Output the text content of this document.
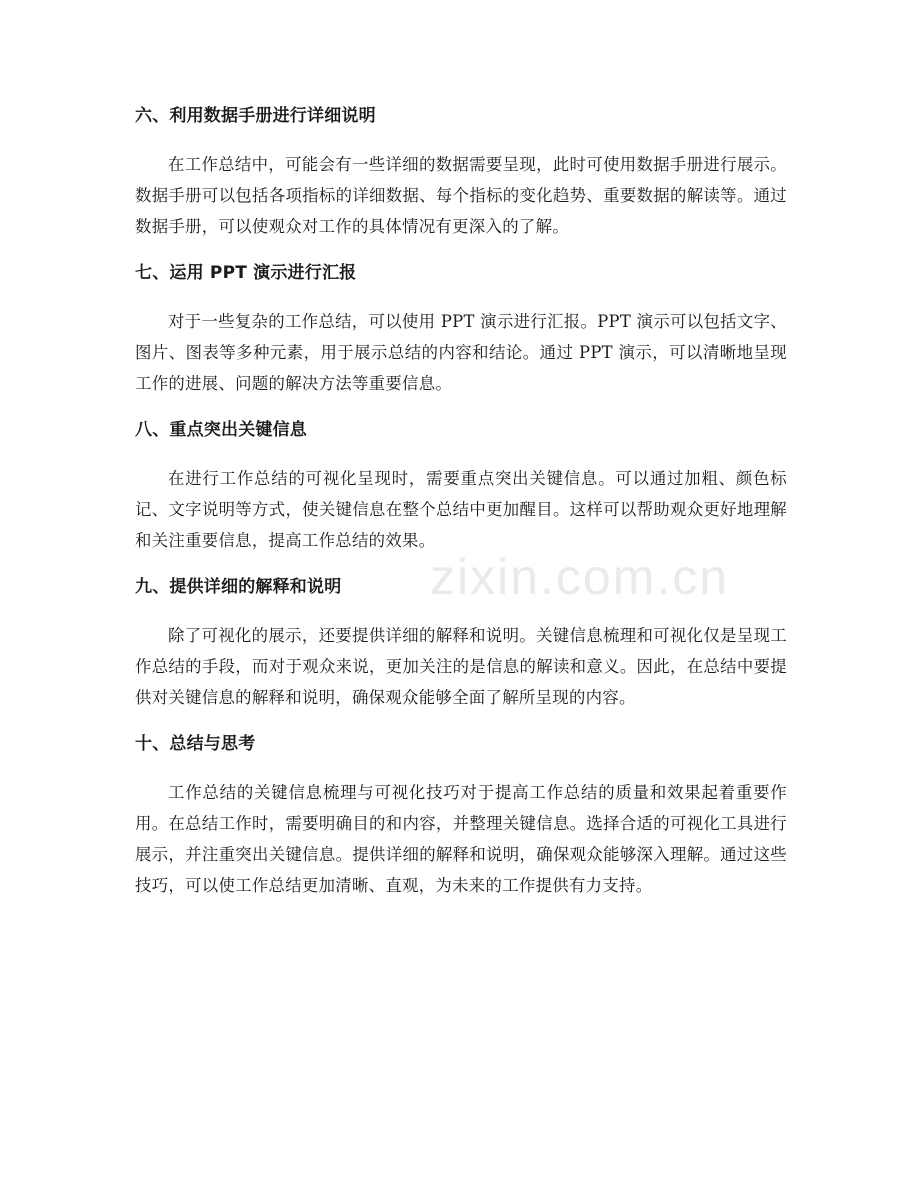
六、利用数据手册进行详细说明

在工作总结中，可能会有一些详细的数据需要呈现，此时可使用数据手册进行展示。数据手册可以包括各项指标的详细数据、每个指标的变化趋势、重要数据的解读等。通过数据手册，可以使观众对工作的具体情况有更深入的了解。

七、运用 PPT 演示进行汇报

对于一些复杂的工作总结，可以使用 PPT 演示进行汇报。PPT 演示可以包括文字、图片、图表等多种元素，用于展示总结的内容和结论。通过 PPT 演示，可以清晰地呈现工作的进展、问题的解决方法等重要信息。

八、重点突出关键信息

在进行工作总结的可视化呈现时，需要重点突出关键信息。可以通过加粗、颜色标记、文字说明等方式，使关键信息在整个总结中更加醒目。这样可以帮助观众更好地理解和关注重要信息，提高工作总结的效果。

九、提供详细的解释和说明

除了可视化的展示，还要提供详细的解释和说明。关键信息梳理和可视化仅是呈现工作总结的手段，而对于观众来说，更加关注的是信息的解读和意义。因此，在总结中要提供对关键信息的解释和说明，确保观众能够全面了解所呈现的内容。

十、总结与思考

工作总结的关键信息梳理与可视化技巧对于提高工作总结的质量和效果起着重要作用。在总结工作时，需要明确目的和内容，并整理关键信息。选择合适的可视化工具进行展示，并注重突出关键信息。提供详细的解释和说明，确保观众能够深入理解。通过这些技巧，可以使工作总结更加清晰、直观，为未来的工作提供有力支持。

zixin.com.cn
